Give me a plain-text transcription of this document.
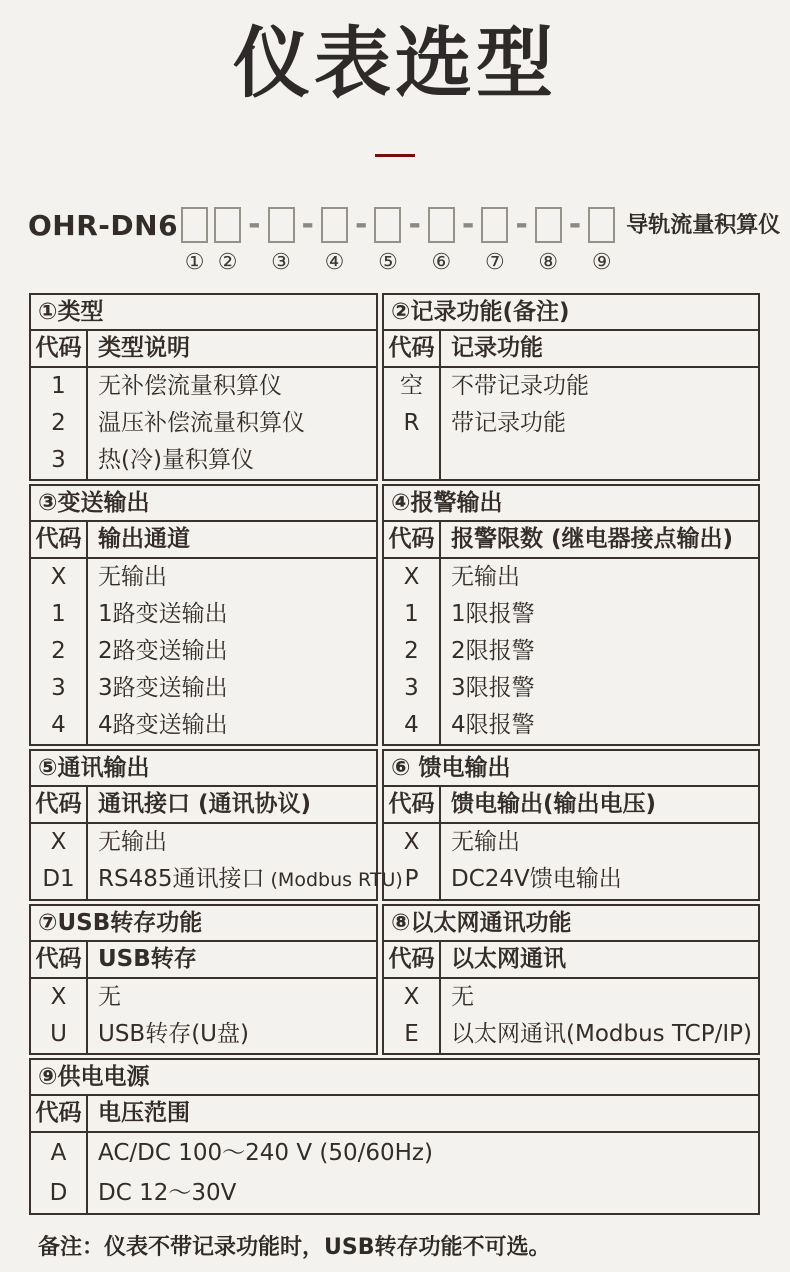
仪表选型
OHR-DN6
① ②
-
③
-
④
-
⑤
-
⑥
-
⑦
-
⑧
-
⑨
导轨流量积算仪
①类型
代码
1
2
3
类型说明
无补偿流量积算仪
温压补偿流量积算仪
热(冷)量积算仪
②记录功能(备注)
代码
空
R
记录功能
不带记录功能
带记录功能
③变送输出
代码
X
1
2
3
4
输出通道
无输出
1路变送输出
2路变送输出
3路变送输出
4路变送输出
④报警输出
代码
X
1
2
3
4
报警限数 (继电器接点输出)
无输出
1限报警
2限报警
3限报警
4限报警
⑤通讯输出
代码
X
D1
通讯接口 (通讯协议)
无输出
RS485通讯接口 (Modbus RTU)
⑥ 馈电输出
代码
X
P
馈电输出(输出电压)
无输出
DC24V馈电输出
⑦USB转存功能
代码
X
U
USB转存
无
USB转存(U盘)
⑧以太网通讯功能
代码
X
E
以太网通讯
无
以太网通讯(Modbus TCP/IP)
⑨供电电源
代码
A
D
电压范围
AC/DC 100～240 V (50/60Hz)
DC 12～30V
备注：仪表不带记录功能时，USB转存功能不可选。
